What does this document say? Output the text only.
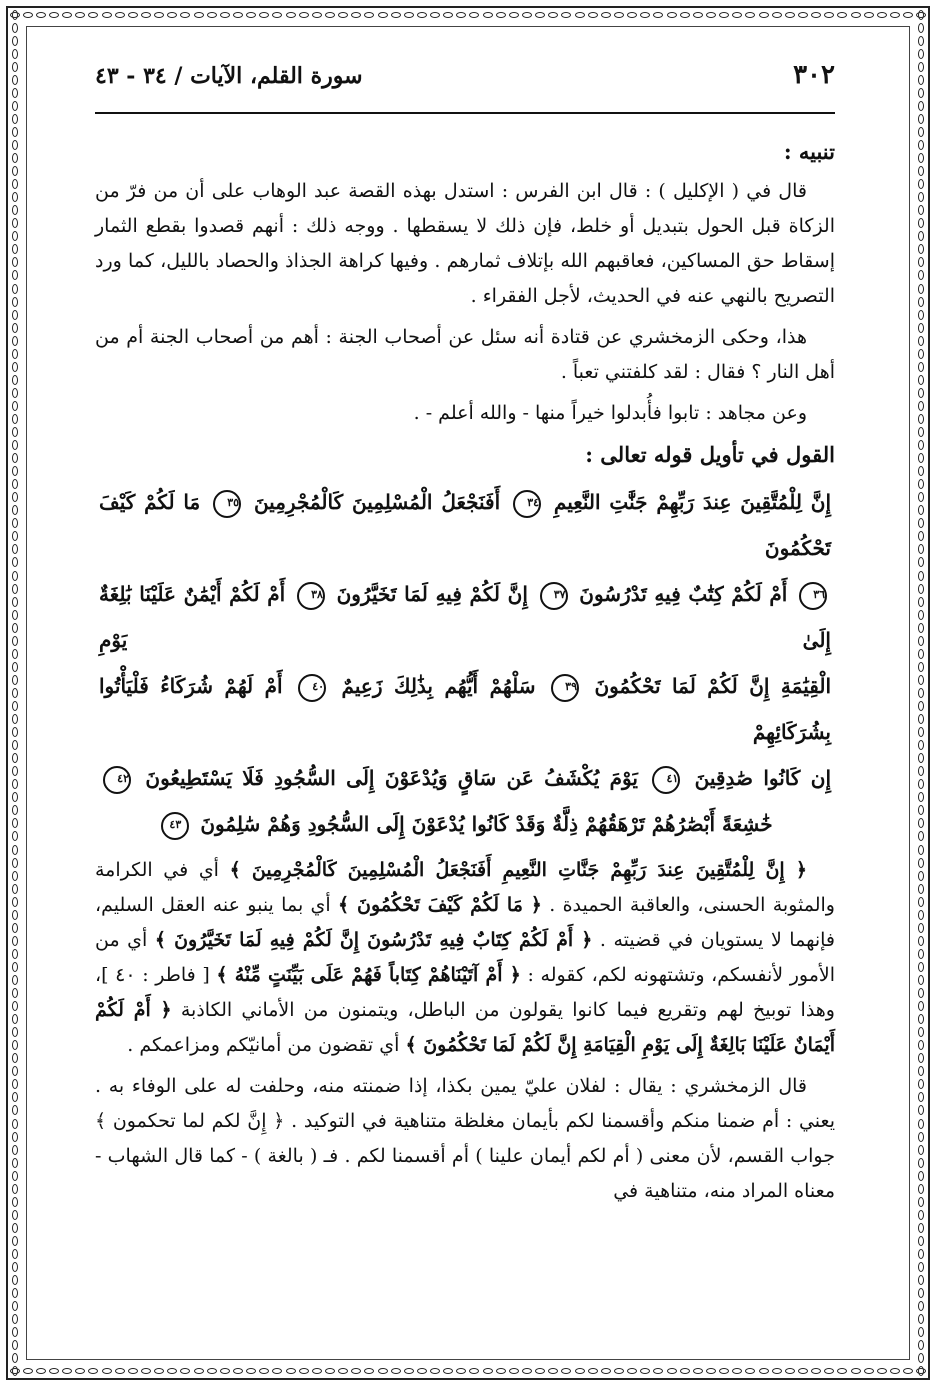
٣٠٢
سورة القلم، الآيات / ٣٤ - ٤٣
تنبيه :

قال في ( الإكليل ) : قال ابن الفرس : استدل بهذه القصة عبد الوهاب على أن من فرّ من الزكاة قبل الحول بتبديل أو خلط، فإن ذلك لا يسقطها . ووجه ذلك : أنهم قصدوا بقطع الثمار إسقاط حق المساكين، فعاقبهم الله بإتلاف ثمارهم . وفيها كراهة الجذاذ والحصاد بالليل، كما ورد التصريح بالنهي عنه في الحديث، لأجل الفقراء .

هذا، وحكى الزمخشري عن قتادة أنه سئل عن أصحاب الجنة : أهم من أصحاب الجنة أم من أهل النار ؟ فقال : لقد كلفتني تعباً .

وعن مجاهد : تابوا فأُبدلوا خيراً منها - والله أعلم - .

القول في تأويل قوله تعالى :
إِنَّ لِلْمُتَّقِينَ عِندَ رَبِّهِمْ جَنَّٰتِ النَّعِيمِ ٣٤ أَفَنَجْعَلُ الْمُسْلِمِينَ كَالْمُجْرِمِينَ ٣٥ مَا لَكُمْ كَيْفَ تَحْكُمُونَ
٣٦ أَمْ لَكُمْ كِتَٰبٌ فِيهِ تَدْرُسُونَ ٣٧ إِنَّ لَكُمْ فِيهِ لَمَا تَخَيَّرُونَ ٣٨ أَمْ لَكُمْ أَيْمَٰنٌ عَلَيْنَا بَٰلِغَةٌ إِلَىٰ يَوْمِ
الْقِيَٰمَةِ إِنَّ لَكُمْ لَمَا تَحْكُمُونَ ٣٩ سَلْهُمْ أَيُّهُم بِذَٰلِكَ زَعِيمٌ ٤٠ أَمْ لَهُمْ شُرَكَاءُ فَلْيَأْتُوا بِشُرَكَائِهِمْ
إِن كَانُوا صَٰدِقِينَ ٤١ يَوْمَ يُكْشَفُ عَن سَاقٍ وَيُدْعَوْنَ إِلَى السُّجُودِ فَلَا يَسْتَطِيعُونَ ٤٢
خَٰشِعَةً أَبْصَٰرُهُمْ تَرْهَقُهُمْ ذِلَّةٌ وَقَدْ كَانُوا يُدْعَوْنَ إِلَى السُّجُودِ وَهُمْ سَٰلِمُونَ ٤٣

﴿ إِنَّ لِلْمُتَّقِينَ عِندَ رَبِّهِمْ جَنَّاتِ النَّعِيمِ أَفَنَجْعَلُ الْمُسْلِمِينَ كَالْمُجْرِمِينَ ﴾ أي في الكرامة والمثوبة الحسنى، والعاقبة الحميدة . ﴿ مَا لَكُمْ كَيْفَ تَحْكُمُونَ ﴾ أي بما ينبو عنه العقل السليم، فإنهما لا يستويان في قضيته . ﴿ أَمْ لَكُمْ كِتَابٌ فِيهِ تَدْرُسُونَ إِنَّ لَكُمْ فِيهِ لَمَا تَخَيَّرُونَ ﴾ أي من الأمور لأنفسكم، وتشتهونه لكم، كقوله : ﴿ أَمْ آتَيْنَاهُمْ كِتَاباً فَهُمْ عَلَى بَيِّنَتٍ مِّنْهُ ﴾ [ فاطر : ٤٠ ]، وهذا توبيخ لهم وتقريع فيما كانوا يقولون من الباطل، ويتمنون من الأماني الكاذبة ﴿ أَمْ لَكُمْ أَيْمَانٌ عَلَيْنَا بَالِغَةٌ إِلَى يَوْمِ الْقِيَامَةِ إِنَّ لَكُمْ لَمَا تَحْكُمُونَ ﴾ أي تقضون من أمانيّكم ومزاعمكم .

قال الزمخشري : يقال : لفلان عليّ يمين بكذا، إذا ضمنته منه، وحلفت له على الوفاء به . يعني : أم ضمنا منكم وأقسمنا لكم بأيمان مغلظة متناهية في التوكيد . ﴿ إِنَّ لكم لما تحكمون ﴾ جواب القسم، لأن معنى ( أم لكم أيمان علينا ) أم أقسمنا لكم . فـ ( بالغة ) - كما قال الشهاب - معناه المراد منه، متناهية في
